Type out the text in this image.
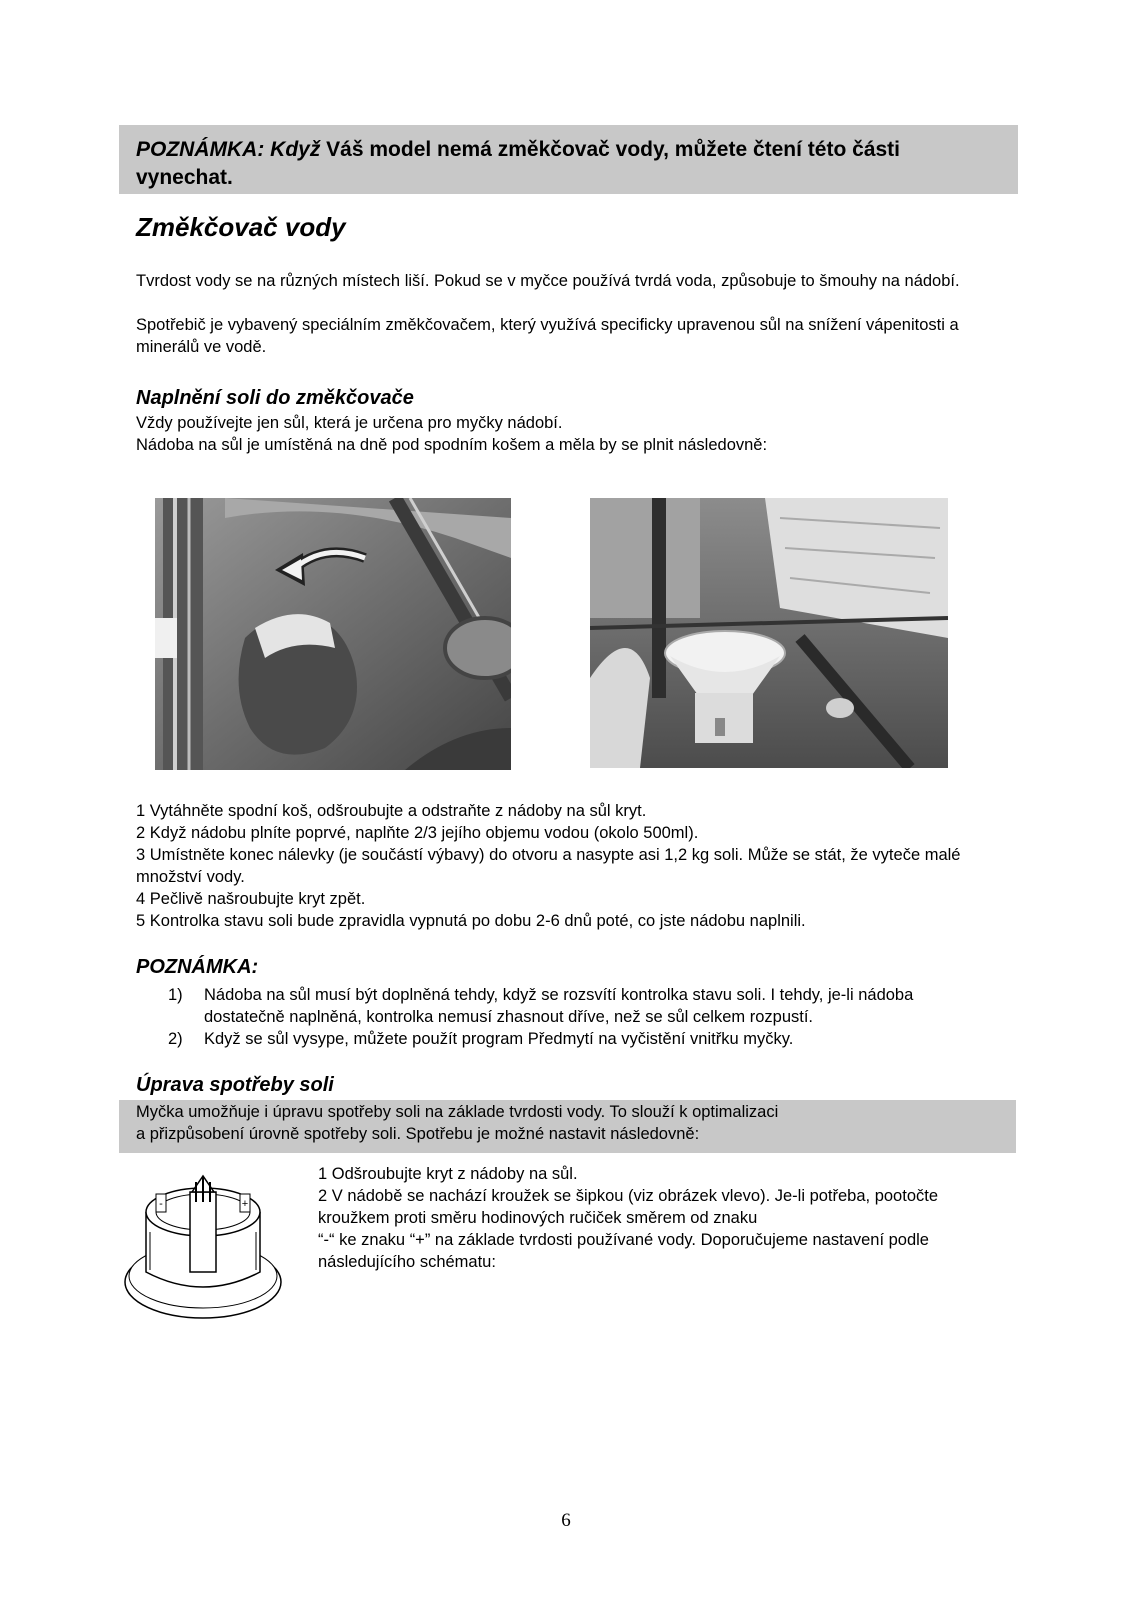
POZNÁMKA: Když Váš model nemá změkčovač vody, můžete čtení této části vynechat.

Změkčovač vody

Tvrdost vody se na různých místech liší. Pokud se v myčce používá tvrdá voda, způsobuje to šmouhy na nádobí.

Spotřebič je vybavený speciálním změkčovačem, který využívá specificky upravenou sůl na snížení vápenitosti a minerálů ve vodě.

Naplnění soli do změkčovače

Vždy používejte jen sůl, která je určena pro myčky nádobí.

Nádoba na sůl je umístěná na dně pod spodním košem a měla by se plnit následovně:

1 Vytáhněte spodní koš, odšroubujte a odstraňte z nádoby na sůl kryt.

2 Když nádobu plníte poprvé, naplňte 2/3 jejího objemu vodou (okolo 500ml).

3 Umístněte konec nálevky (je součástí výbavy) do otvoru a nasypte asi 1,2 kg soli. Může se stát, že vyteče malé množství vody.

4 Pečlivě našroubujte kryt zpět.

5 Kontrolka stavu soli bude zpravidla vypnutá po dobu 2-6 dnů poté, co jste nádobu naplnili.

POZNÁMKA:
1)	Nádoba na sůl musí být doplněná tehdy, když se rozsvítí kontrolka stavu soli. I tehdy, je-li nádoba dostatečně naplněná, kontrolka nemusí zhasnout dříve, než se sůl celkem rozpustí.
2)	Když se sůl vysype, můžete použít program Předmytí na vyčistění vnitřku myčky.
Úprava spotřeby soli

Myčka umožňuje i úpravu spotřeby soli na základe tvrdosti vody. To slouží k optimalizaci

a přizpůsobení úrovně spotřeby soli. Spotřebu je možné nastavit následovně:

-	+
1 Odšroubujte kryt z nádoby na sůl.
2 V nádobě se nachází kroužek se šipkou (viz obrázek vlevo). Je-li potřeba, pootočte kroužkem proti směru hodinových ručiček směrem od znaku
“-“ ke znaku “+” na základe tvrdosti používané vody. Doporučujeme nastavení podle následujícího schématu:
6
